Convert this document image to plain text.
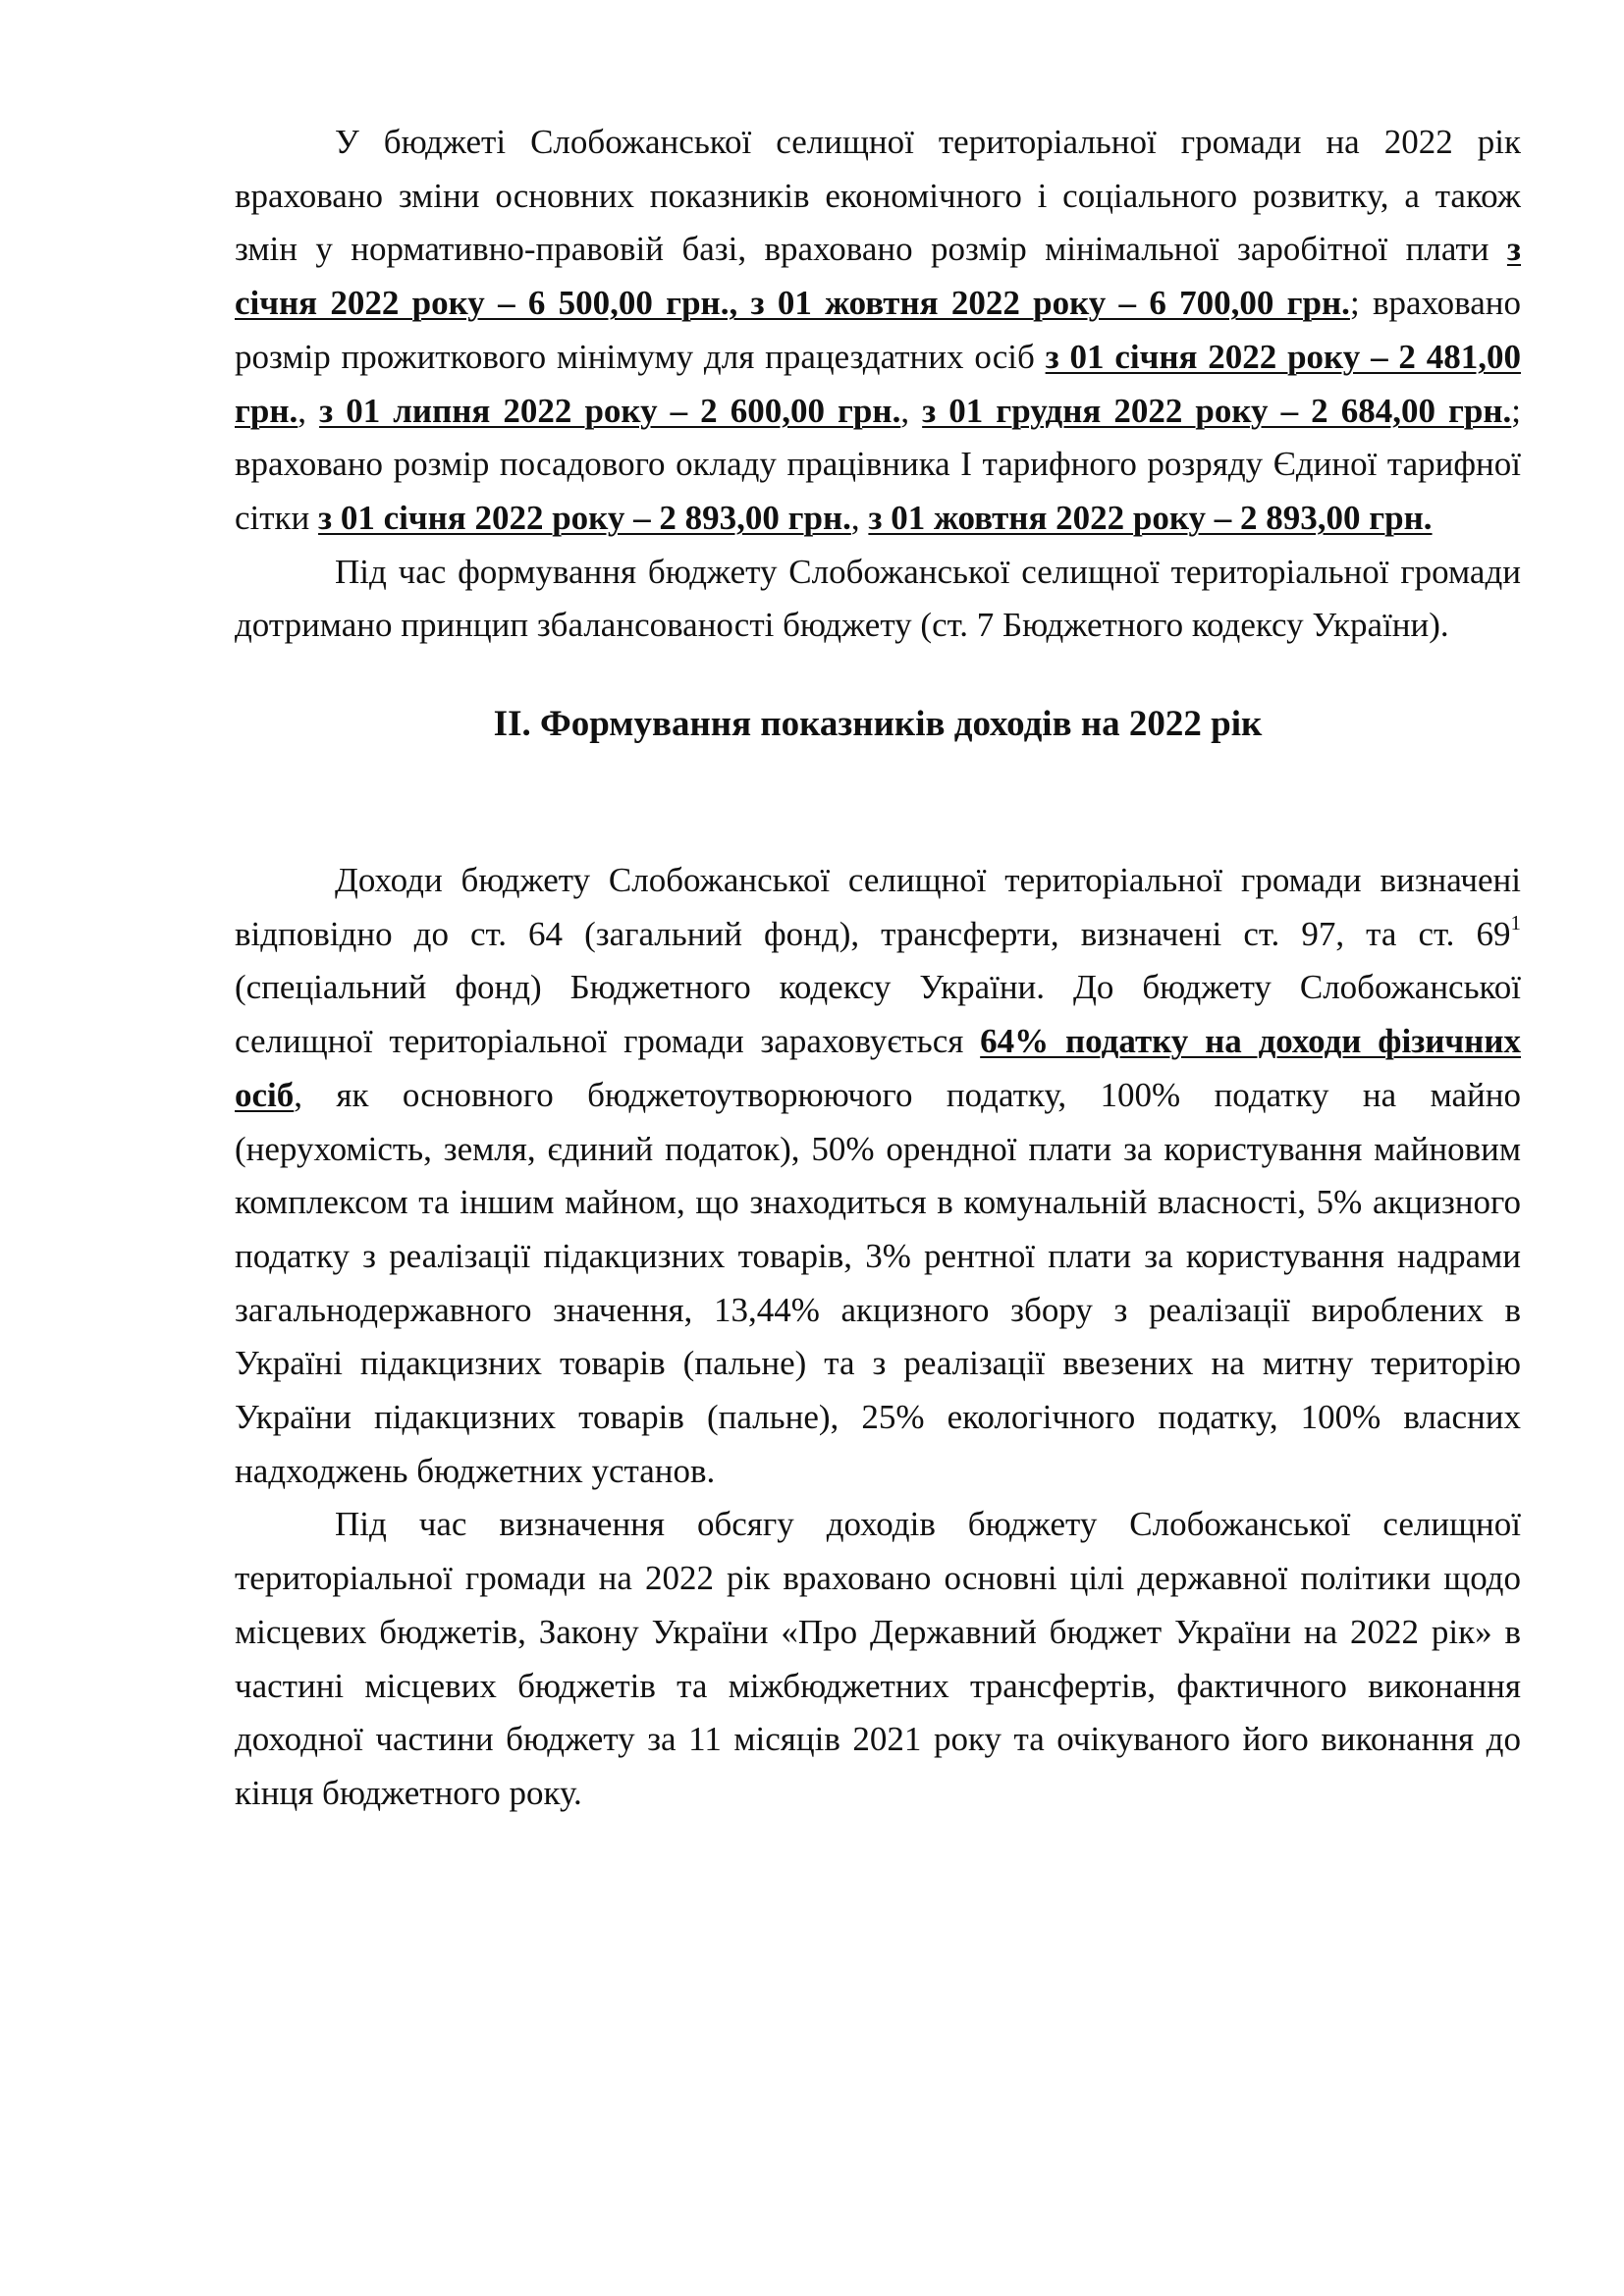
У бюджеті Слобожанської селищної територіальної громади на 2022 рік враховано зміни основних показників економічного і соціального розвитку, а також змін у нормативно-правовій базі, враховано розмір мінімальної заробітної плати з січня 2022 року – 6 500,00 грн., з 01 жовтня 2022 року – 6 700,00 грн.; враховано розмір прожиткового мінімуму для працездатних осіб з 01 січня 2022 року – 2 481,00 грн., з 01 липня 2022 року – 2 600,00 грн., з 01 грудня 2022 року – 2 684,00 грн.; враховано розмір посадового окладу працівника І тарифного розряду Єдиної тарифної сітки з 01 січня 2022 року – 2 893,00 грн., з 01 жовтня 2022 року – 2 893,00 грн.

Під час формування бюджету Слобожанської селищної територіальної громади дотримано принцип збалансованості бюджету (ст. 7 Бюджетного кодексу України).

II. Формування показників доходів на 2022 рік

Доходи бюджету Слобожанської селищної територіальної громади визначені відповідно до ст. 64 (загальний фонд), трансферти, визначені ст. 97, та ст. $69^1$ (спеціальний фонд) Бюджетного кодексу України. До бюджету Слобожанської селищної територіальної громади зараховується 64% податку на доходи фізичних осіб, як основного бюджетоутворюючого податку, 100% податку на майно (нерухомість, земля, єдиний податок), 50% орендної плати за користування майновим комплексом та іншим майном, що знаходиться в комунальній власності, 5% акцизного податку з реалізації підакцизних товарів, 3% рентної плати за користування надрами загальнодержавного значення, 13,44% акцизного збору з реалізації вироблених в Україні підакцизних товарів (пальне) та з реалізації ввезених на митну територію України підакцизних товарів (пальне), 25% екологічного податку, 100% власних надходжень бюджетних установ.

Під час визначення обсягу доходів бюджету Слобожанської селищної територіальної громади на 2022 рік враховано основні цілі державної політики щодо місцевих бюджетів, Закону України «Про Державний бюджет України на 2022 рік» в частині місцевих бюджетів та міжбюджетних трансфертів, фактичного виконання доходної частини бюджету за 11 місяців 2021 року та очікуваного його виконання до кінця бюджетного року.
